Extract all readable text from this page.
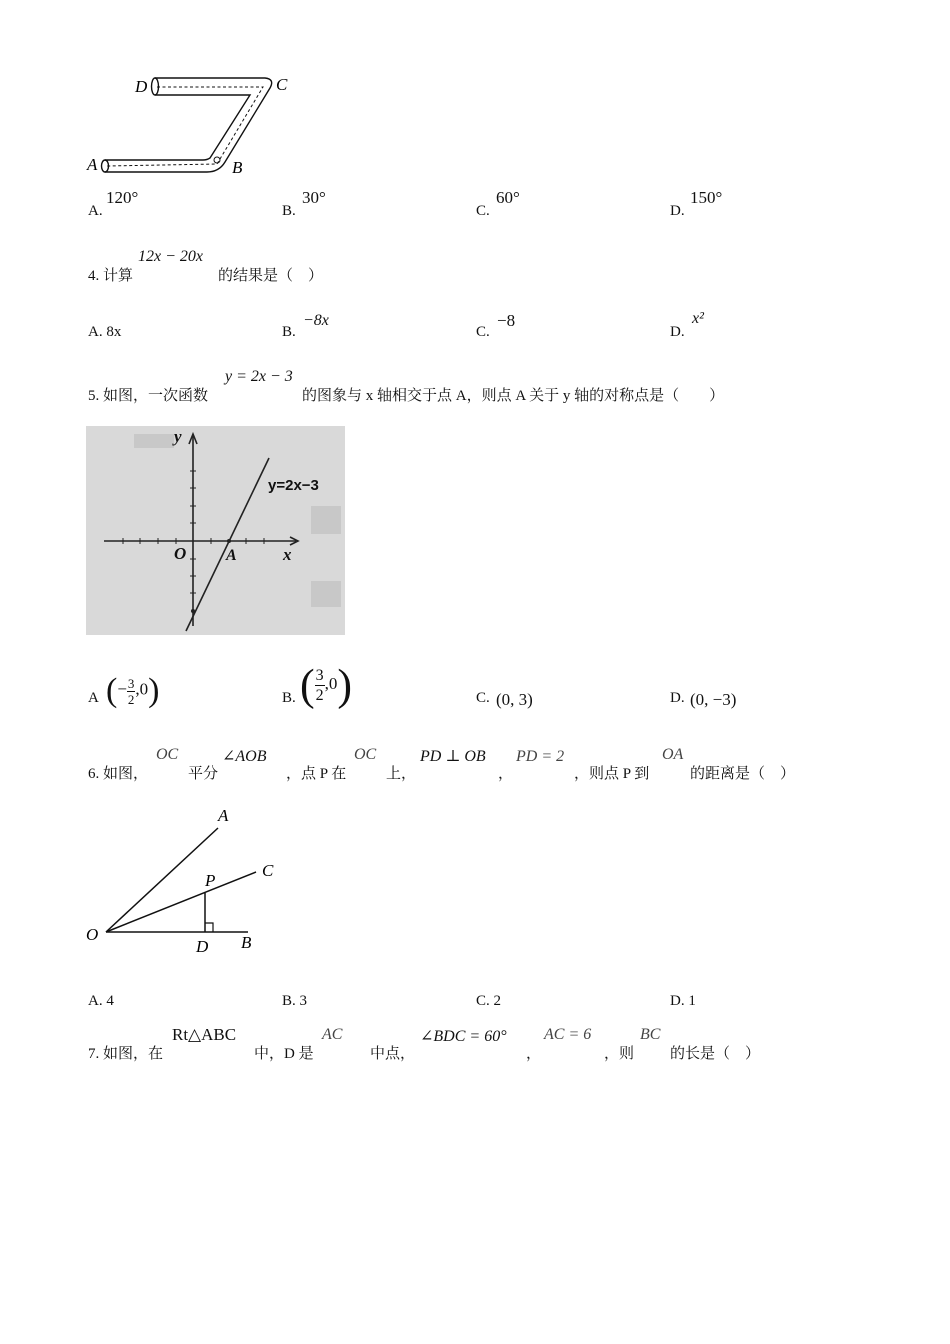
D	C
A	B
A.
120°
B.
30°
C.
60°
D.
150°
4. 计算
12x − 20x
的结果是（　）
A. 8x	B.
−8x
C.
−8
D.
x²
5. 如图，一次函数
y = 2x − 3
的图象与 x 轴相交于点 A，则点 A 关于 y 轴的对称点是（　　）
y
x
O A
y=2x−3
A (− $\frac{3}{2} ,0$)	B. ( $\frac{3}{2} ,0$)	C. (0, 3)	D. (0, −3)
6. 如图，
OC
平分
∠AOB
，点 P 在
OC
上，
PD ⊥ OB
，
PD = 2
，则点 P 到
OA
的距离是（　）
A
C
P
O
D B
A. 4	B. 3	C. 2	D. 1
7. 如图，在
Rt△ABC
中，D 是
AC
中点，
∠BDC = 60°
，
AC = 6
，则
BC
的长是（　）
